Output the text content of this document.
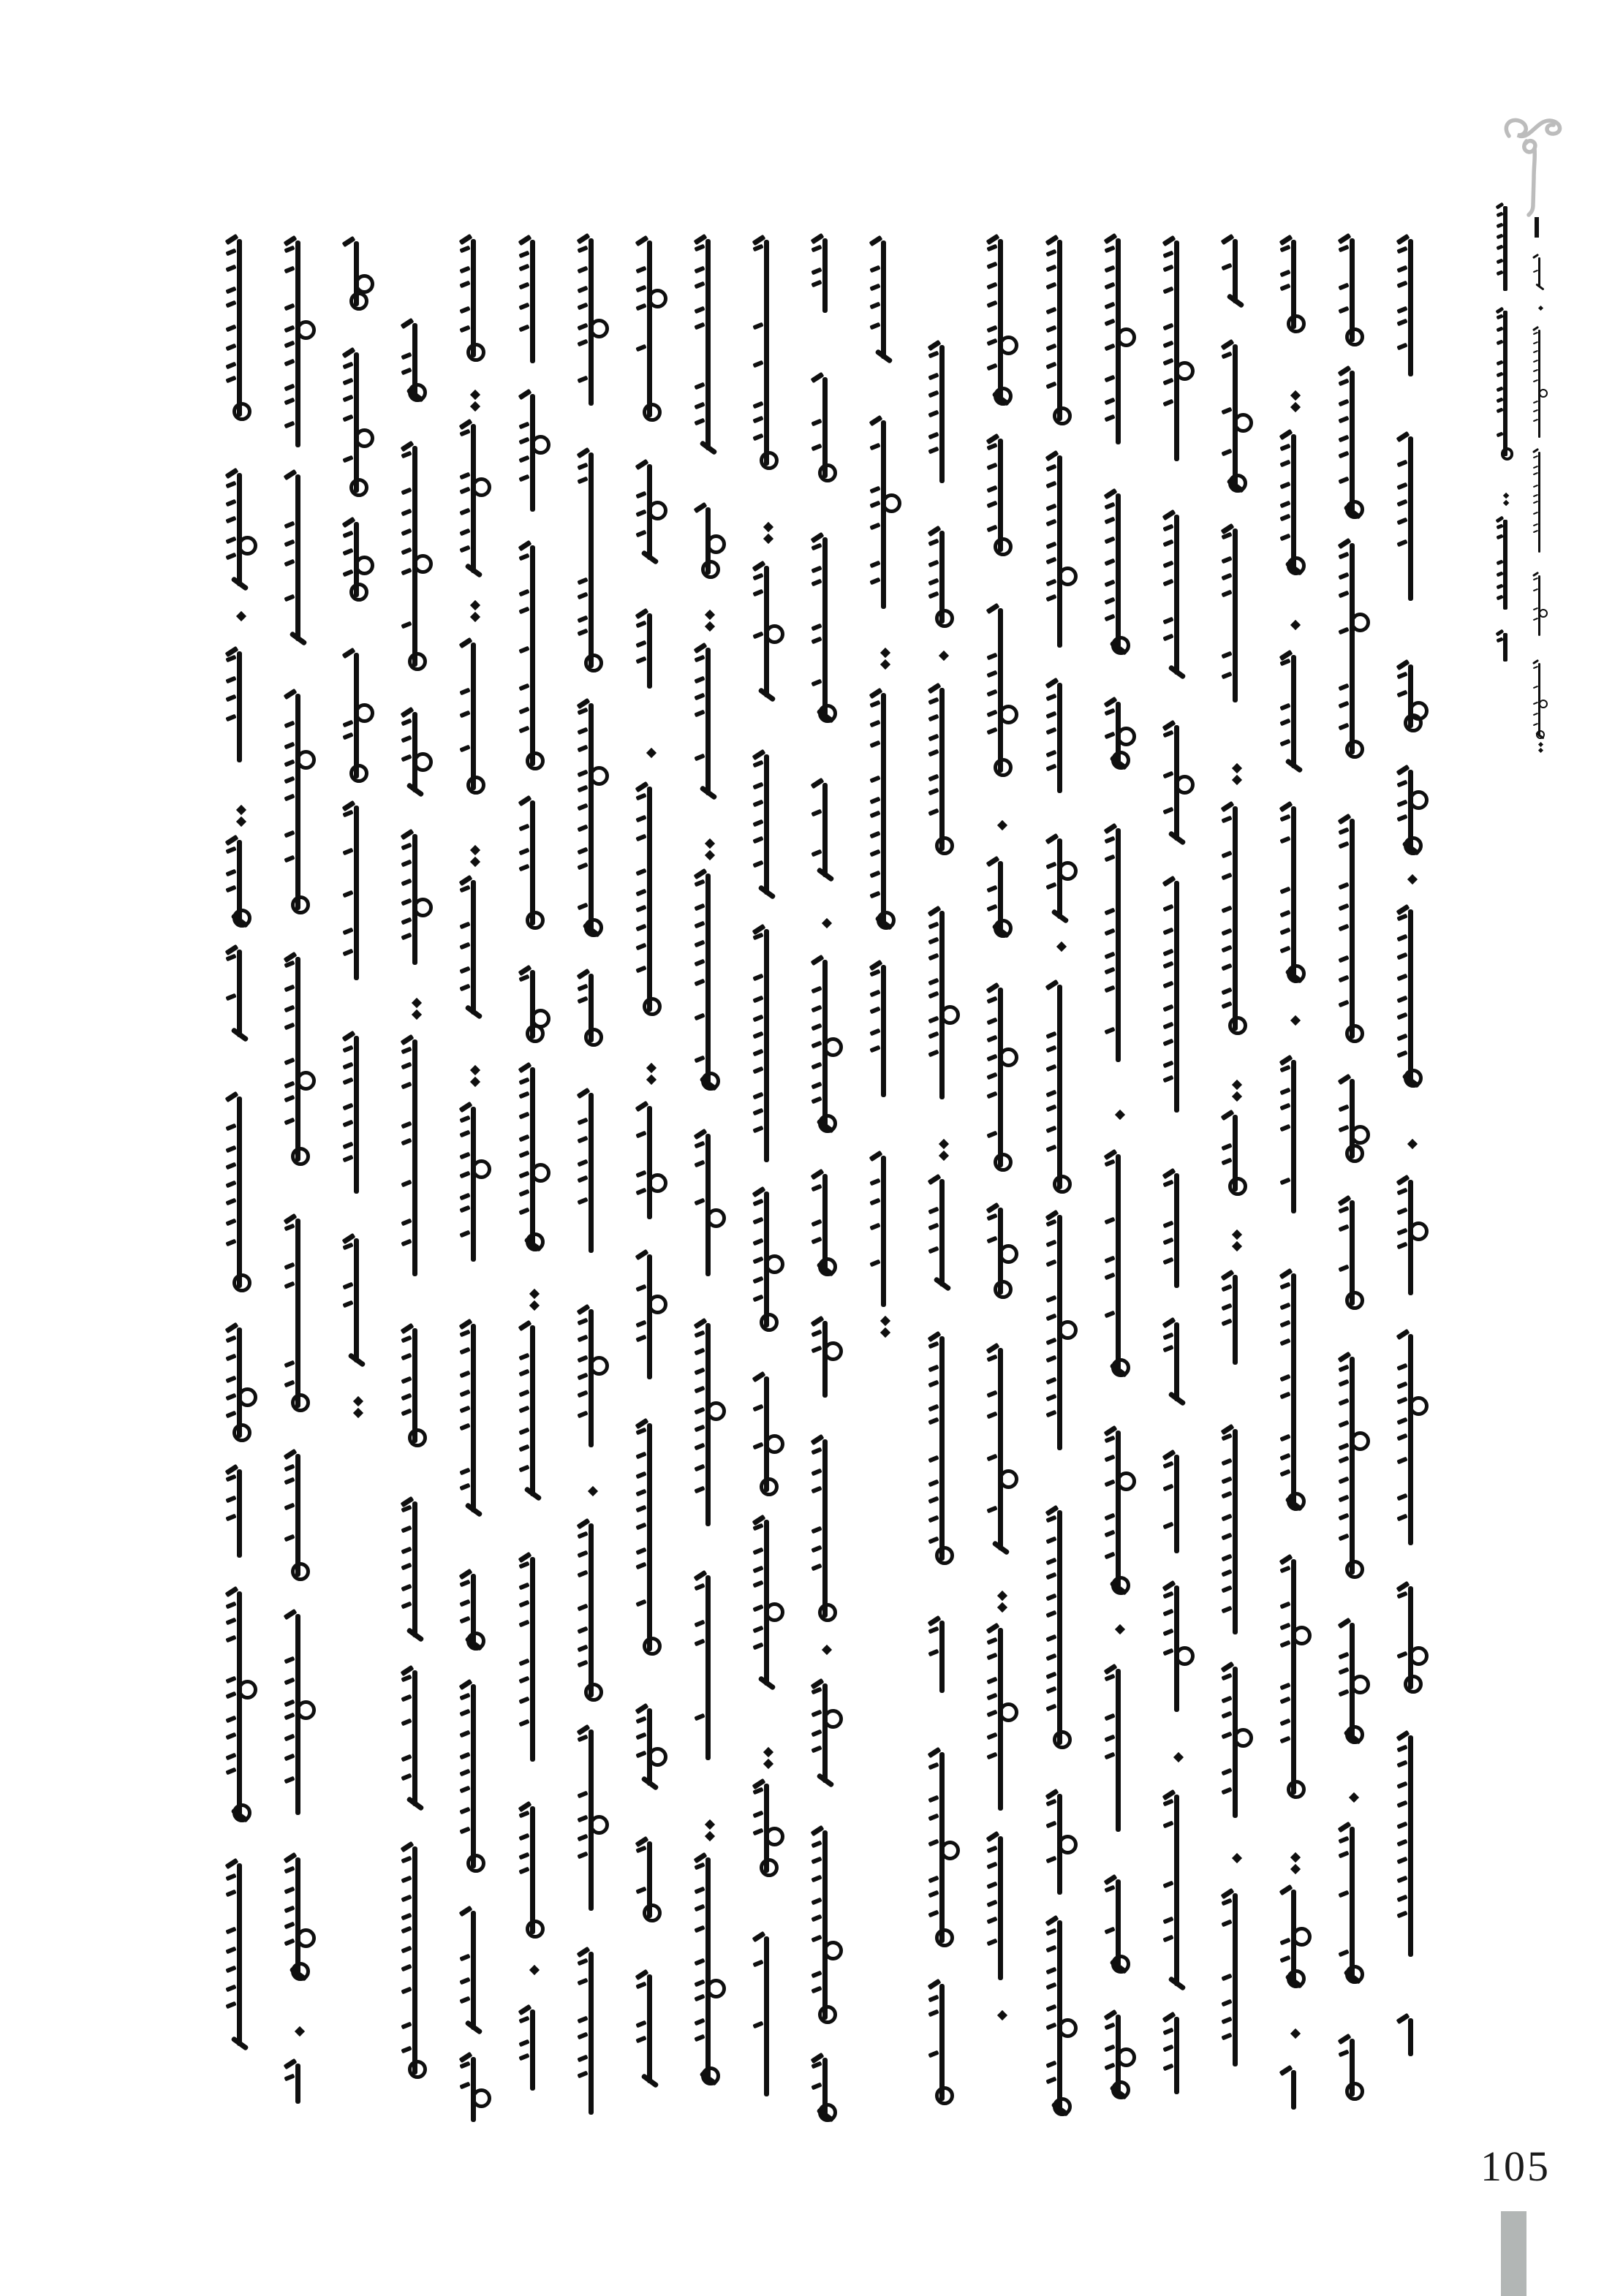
105
